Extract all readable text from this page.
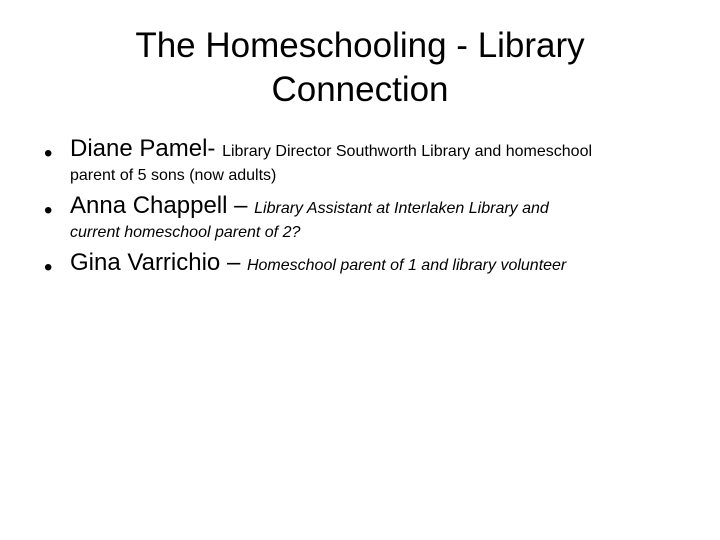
The Homeschooling - Library
Connection
• Diane Pamel- Library Director Southworth Library and homeschool
parent of 5 sons (now adults)
• Anna Chappell – Library Assistant at Interlaken Library and
current homeschool parent of 2?
• Gina Varrichio – Homeschool parent of 1 and library volunteer
